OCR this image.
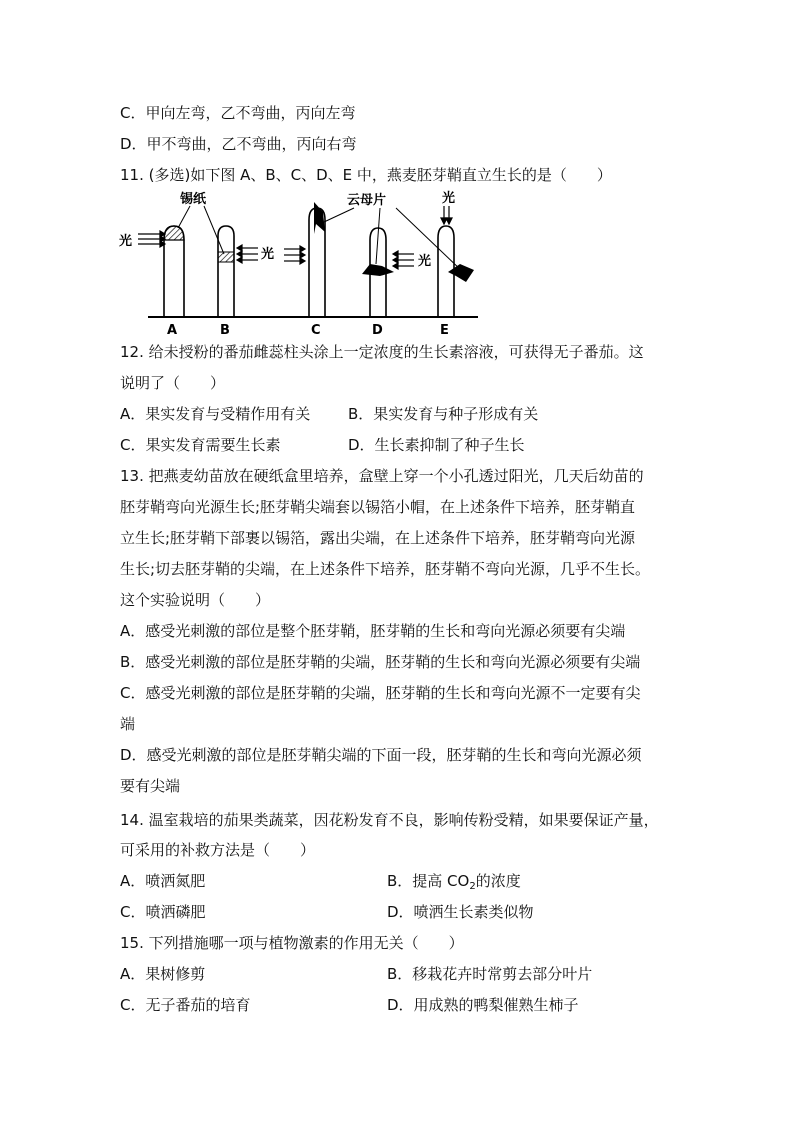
C．甲向左弯，乙不弯曲，丙向左弯
D．甲不弯曲，乙不弯曲，丙向右弯
11. (多选)如下图 A、B、C、D、E 中，燕麦胚芽鞘直立生长的是（　　）
光
光
锡纸	云母片
光
光
A	B	C	D	E
12. 给未授粉的番茄雌蕊柱头涂上一定浓度的生长素溶液，可获得无子番茄。这
说明了（　　）
A．果实发育与受精作用有关	B．果实发育与种子形成有关
C．果实发育需要生长素	D．生长素抑制了种子生长
13. 把燕麦幼苗放在硬纸盒里培养，盒壁上穿一个小孔透过阳光，几天后幼苗的
胚芽鞘弯向光源生长;胚芽鞘尖端套以锡箔小帽，在上述条件下培养，胚芽鞘直
立生长;胚芽鞘下部裹以锡箔，露出尖端，在上述条件下培养，胚芽鞘弯向光源
生长;切去胚芽鞘的尖端，在上述条件下培养，胚芽鞘不弯向光源，几乎不生长。
这个实验说明（　　）
A．感受光刺激的部位是整个胚芽鞘，胚芽鞘的生长和弯向光源必须要有尖端
B．感受光刺激的部位是胚芽鞘的尖端，胚芽鞘的生长和弯向光源必须要有尖端
C．感受光刺激的部位是胚芽鞘的尖端，胚芽鞘的生长和弯向光源不一定要有尖
端
D．感受光刺激的部位是胚芽鞘尖端的下面一段，胚芽鞘的生长和弯向光源必须
要有尖端
14. 温室栽培的茄果类蔬菜，因花粉发育不良，影响传粉受精，如果要保证产量，
可采用的补救方法是（　　）
A．喷洒氮肥	B．提高 $CO_2$的浓度
C．喷洒磷肥	D．喷洒生长素类似物
15. 下列措施哪一项与植物激素的作用无关（　　）
A．果树修剪	B．移栽花卉时常剪去部分叶片
C．无子番茄的培育	D．用成熟的鸭梨催熟生柿子
